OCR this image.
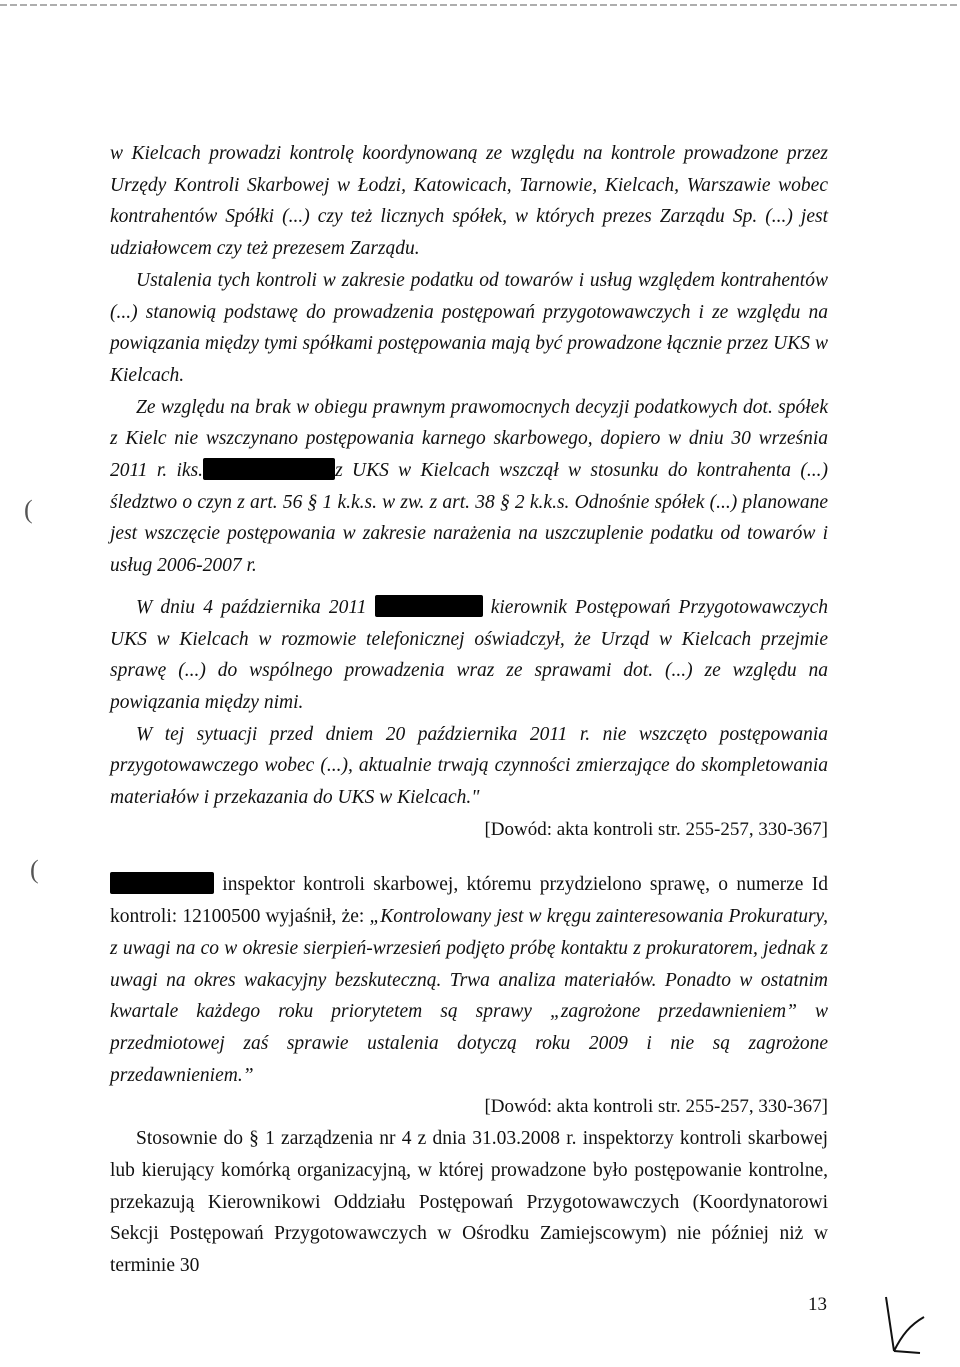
w Kielcach prowadzi kontrolę koordynowaną ze względu na kontrole prowadzone przez Urzędy Kontroli Skarbowej w Łodzi, Katowicach, Tarnowie, Kielcach, Warszawie wobec kontrahentów Spółki (...) czy też licznych spółek, w których prezes Zarządu Sp. (...) jest udziałowcem czy też prezesem Zarządu.

Ustalenia tych kontroli w zakresie podatku od towarów i usług względem kontrahentów (...) stanowią podstawę do prowadzenia postępowań przygotowawczych i ze względu na powiązania między tymi spółkami postępowania mają być prowadzone łącznie przez UKS w Kielcach.

Ze względu na brak w obiegu prawnym prawomocnych decyzji podatkowych dot. spółek z Kielc nie wszczynano postępowania karnego skarbowego, dopiero w dniu 30 września 2011 r. iks.	z UKS w Kielcach wszczął w stosunku do kontrahenta (...) śledztwo o czyn z art. 56 § 1 k.k.s. w zw. z art. 38 § 2 k.k.s. Odnośnie spółek (...) planowane jest wszczęcie postępowania w zakresie narażenia na uszczuplenie podatku od towarów i usług 2006-2007 r.

W dniu 4 października 2011	kierownik Postępowań Przygotowawczych UKS w Kielcach w rozmowie telefonicznej oświadczył, że Urząd w Kielcach przejmie sprawę (...) do wspólnego prowadzenia wraz ze sprawami dot. (...) ze względu na powiązania między nimi.

W tej sytuacji przed dniem 20 października 2011 r. nie wszczęto postępowania przygotowawczego wobec (...), aktualnie trwają czynności zmierzające do skompletowania materiałów i przekazania do UKS w Kielcach."

[Dowód: akta kontroli str. 255-257, 330-367]

inspektor kontroli skarbowej, któremu przydzielono sprawę, o numerze Id kontroli: 12100500 wyjaśnił, że: „Kontrolowany jest w kręgu zainteresowania Prokuratury, z uwagi na co w okresie sierpień-wrzesień podjęto próbę kontaktu z prokuratorem, jednak z uwagi na okres wakacyjny bezskuteczną. Trwa analiza materiałów. Ponadto w ostatnim kwartale każdego roku priorytetem są sprawy „zagrożone przedawnieniem” w przedmiotowej zaś sprawie ustalenia dotyczą roku 2009 i nie są zagrożone przedawnieniem.”

[Dowód: akta kontroli str. 255-257, 330-367]

Stosownie do § 1 zarządzenia nr 4 z dnia 31.03.2008 r. inspektorzy kontroli skarbowej lub kierujący komórką organizacyjną, w której prowadzone było postępowanie kontrolne, przekazują Kierownikowi Oddziału Postępowań Przygotowawczych (Koordynatorowi Sekcji Postępowań Przygotowawczych w Ośrodku Zamiejscowym) nie później niż w terminie 30

(
(
13
